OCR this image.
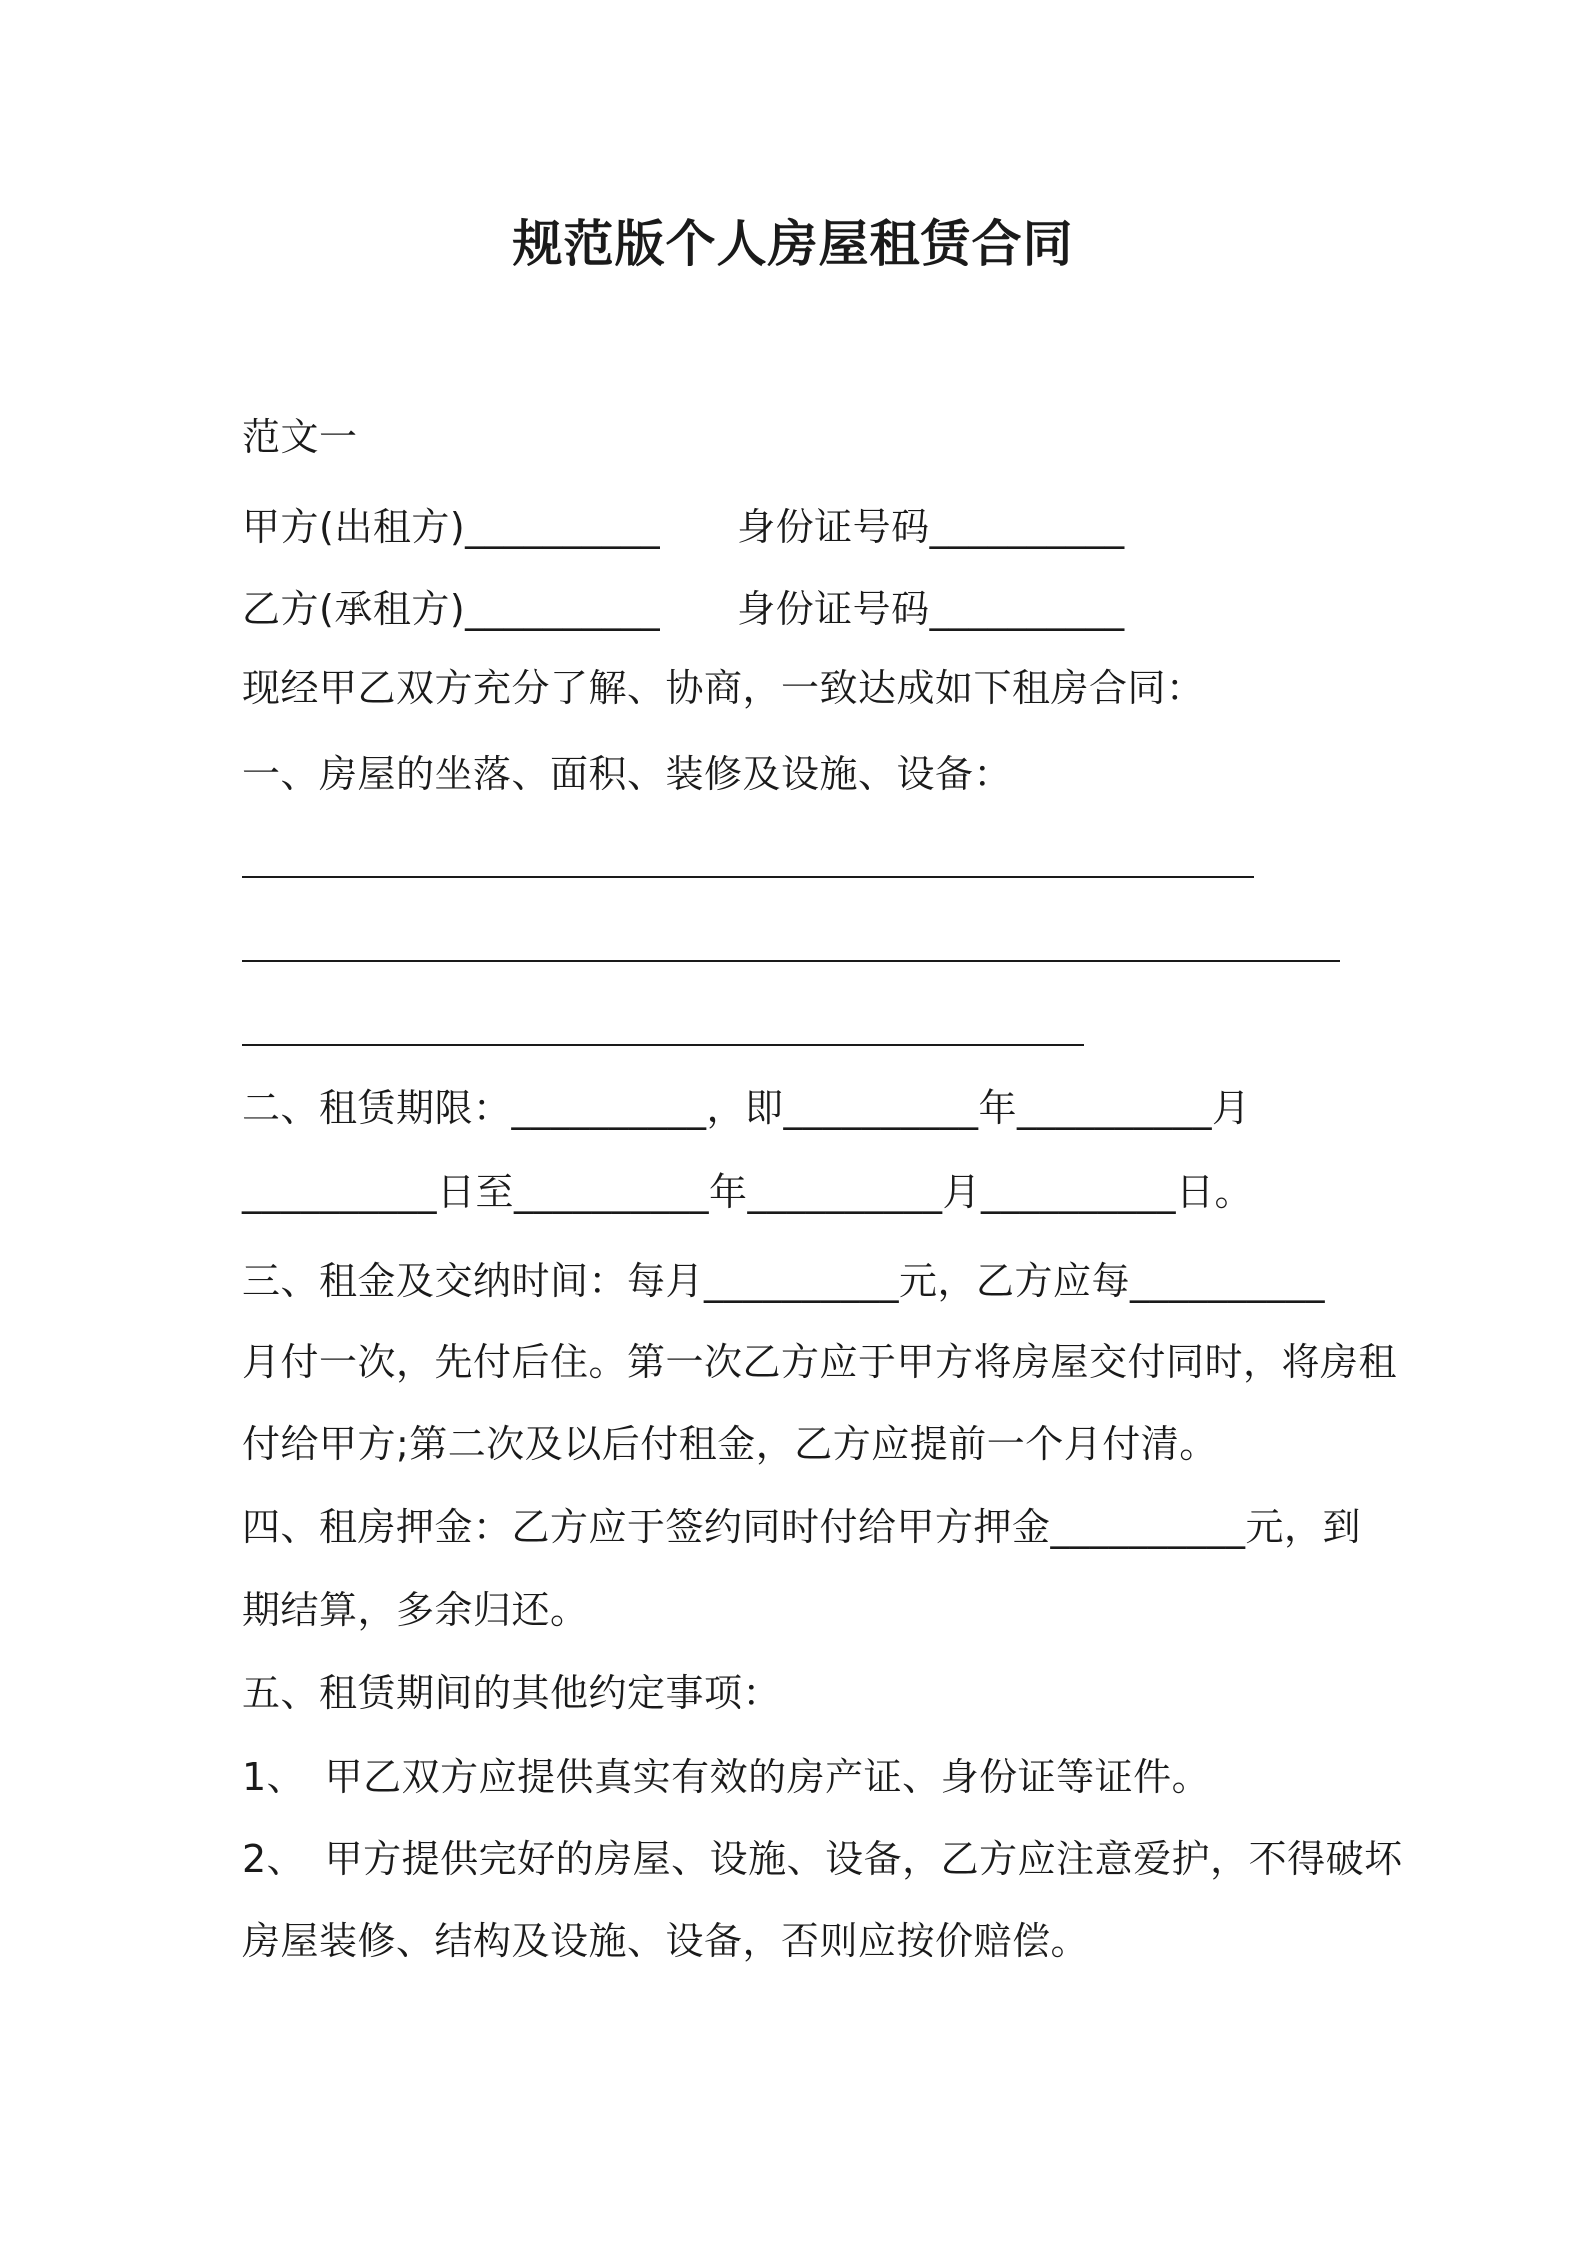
规范版个人房屋租赁合同
范文一
甲方(出租方)__________　　身份证号码__________
乙方(承租方)__________　　身份证号码__________
现经甲乙双方充分了解、协商，一致达成如下租房合同：
一、房屋的坐落、面积、装修及设施、设备：
二、租赁期限：__________，即__________年__________月
__________日至__________年__________月__________日。
三、租金及交纳时间：每月__________元，乙方应每__________
月付一次，先付后住。第一次乙方应于甲方将房屋交付同时，将房租
付给甲方;第二次及以后付租金，乙方应提前一个月付清。
四、租房押金：乙方应于签约同时付给甲方押金__________元，到
期结算，多余归还。
五、租赁期间的其他约定事项：
1、　甲乙双方应提供真实有效的房产证、身份证等证件。
2、　甲方提供完好的房屋、设施、设备，乙方应注意爱护，不得破坏
房屋装修、结构及设施、设备，否则应按价赔偿。
